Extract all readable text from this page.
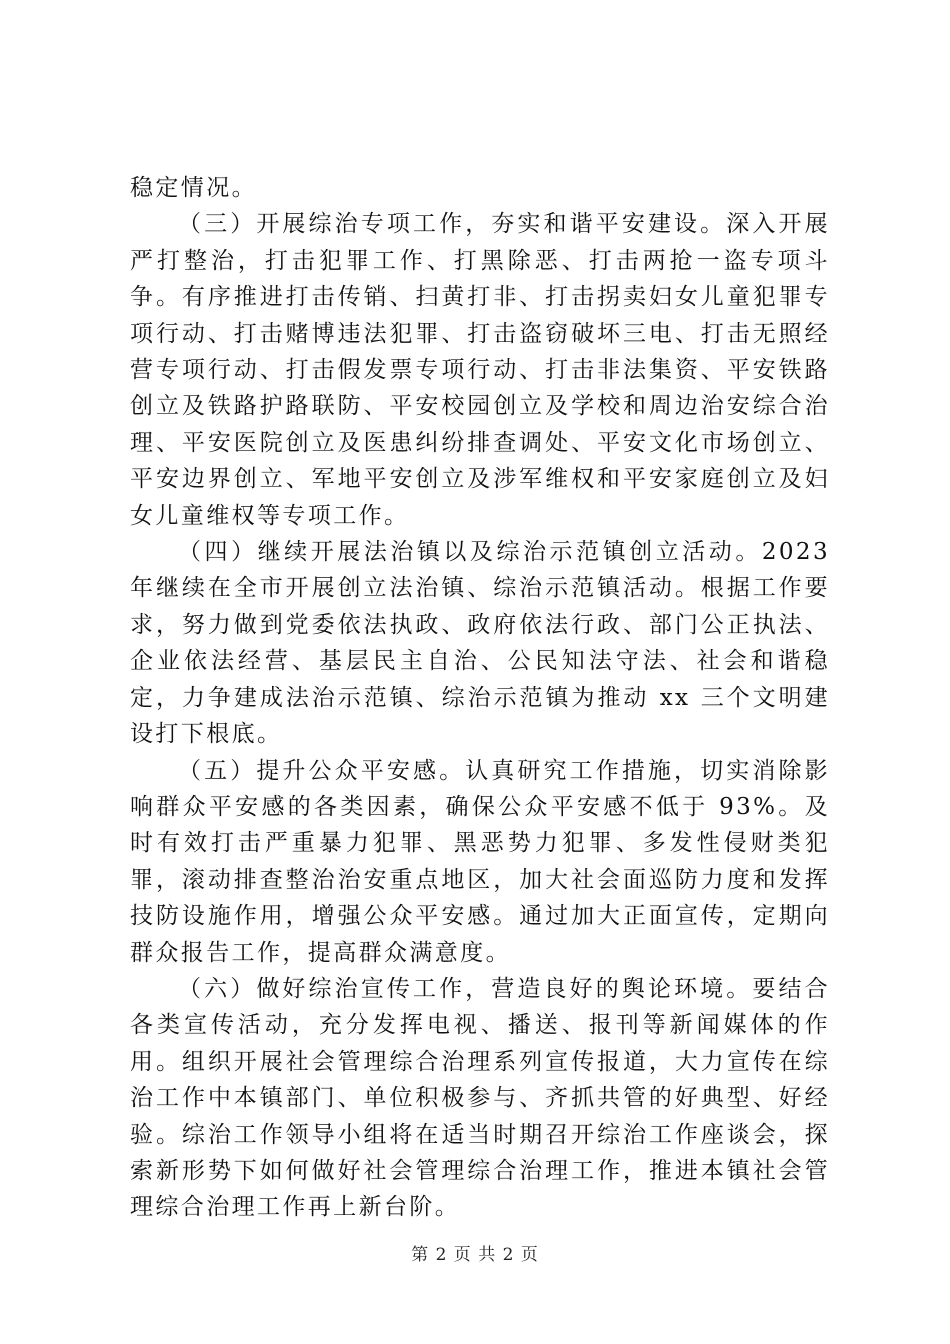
稳定情况。

（三）开展综治专项工作，夯实和谐平安建设。深入开展严打整治，打击犯罪工作、打黑除恶、打击两抢一盗专项斗争。有序推进打击传销、扫黄打非、打击拐卖妇女儿童犯罪专项行动、打击赌博违法犯罪、打击盗窃破坏三电、打击无照经营专项行动、打击假发票专项行动、打击非法集资、平安铁路创立及铁路护路联防、平安校园创立及学校和周边治安综合治理、平安医院创立及医患纠纷排查调处、平安文化市场创立、平安边界创立、军地平安创立及涉军维权和平安家庭创立及妇女儿童维权等专项工作。

（四）继续开展法治镇以及综治示范镇创立活动。2023 年继续在全市开展创立法治镇、综治示范镇活动。根据工作要求，努力做到党委依法执政、政府依法行政、部门公正执法、企业依法经营、基层民主自治、公民知法守法、社会和谐稳定，力争建成法治示范镇、综治示范镇为推动 xx 三个文明建设打下根底。

（五）提升公众平安感。认真研究工作措施，切实消除影响群众平安感的各类因素，确保公众平安感不低于 93%。及时有效打击严重暴力犯罪、黑恶势力犯罪、多发性侵财类犯罪，滚动排查整治治安重点地区，加大社会面巡防力度和发挥技防设施作用，增强公众平安感。通过加大正面宣传，定期向群众报告工作，提高群众满意度。

（六）做好综治宣传工作，营造良好的舆论环境。要结合各类宣传活动，充分发挥电视、播送、报刊等新闻媒体的作用。组织开展社会管理综合治理系列宣传报道，大力宣传在综治工作中本镇部门、单位积极参与、齐抓共管的好典型、好经验。综治工作领导小组将在适当时期召开综治工作座谈会，探索新形势下如何做好社会管理综合治理工作，推进本镇社会管理综合治理工作再上新台阶。

第 2 页 共 2 页
